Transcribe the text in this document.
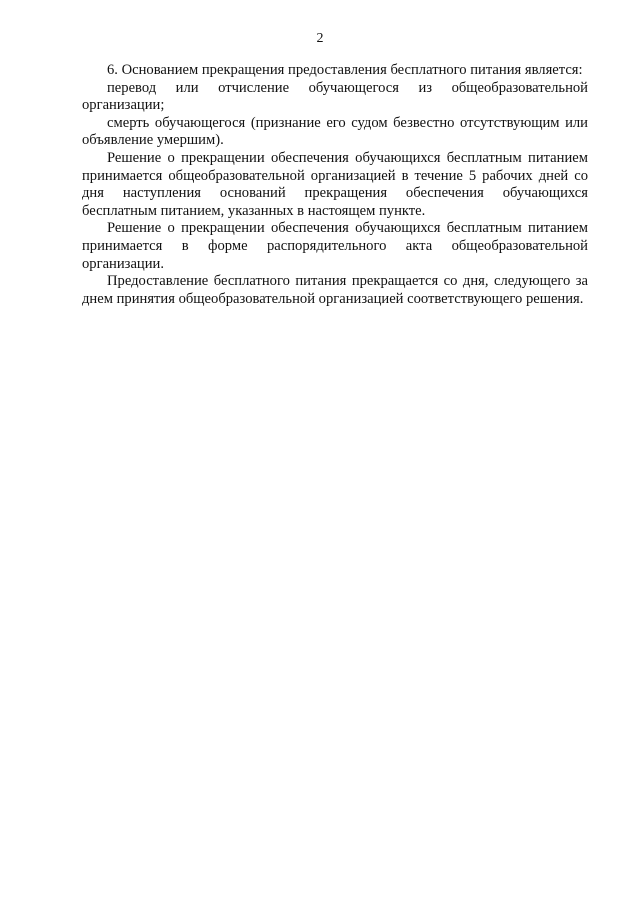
2

6. Основанием прекращения предоставления бесплатного питания является:

перевод или отчисление обучающегося из общеобразовательной организации;

смерть обучающегося (признание его судом безвестно отсутствующим или объявление умершим).

Решение о прекращении обеспечения обучающихся бесплатным питанием принимается общеобразовательной организацией в течение 5 рабочих дней со дня наступления оснований прекращения обеспечения обучающихся бесплатным питанием, указанных в настоящем пункте.

Решение о прекращении обеспечения обучающихся бесплатным питанием принимается в форме распорядительного акта общеобразовательной организации.

Предоставление бесплатного питания прекращается со дня, следующего за днем принятия общеобразовательной организацией соответствующего решения.
